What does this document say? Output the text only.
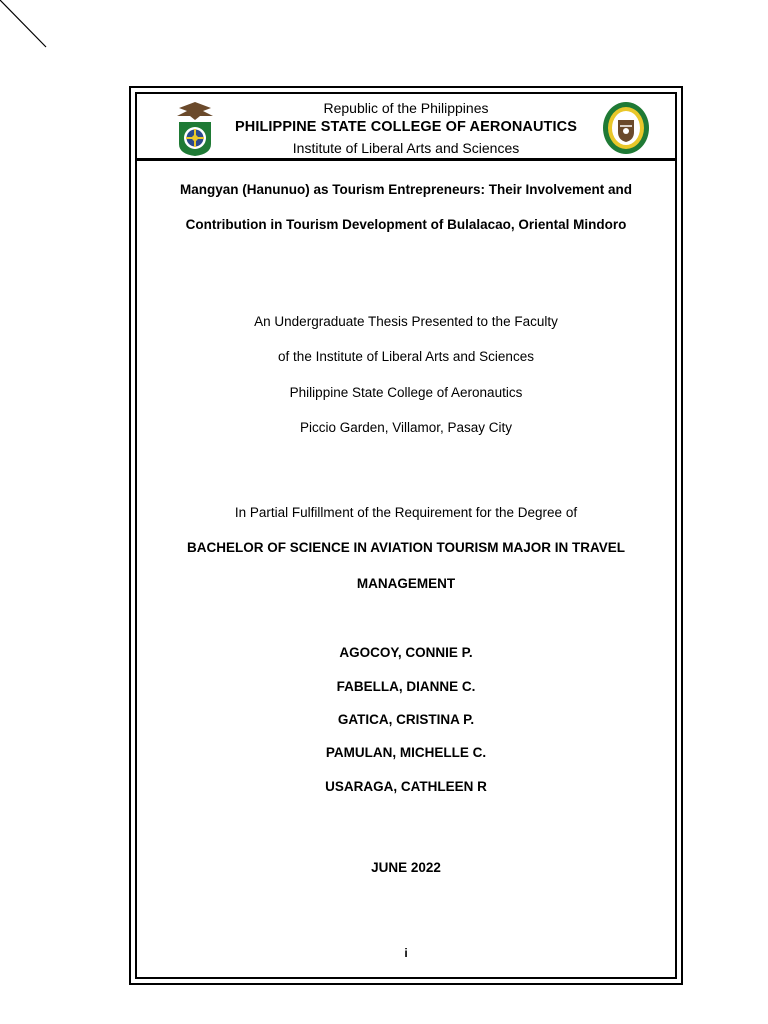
Republic of the Philippines
PHILIPPINE STATE COLLEGE OF AERONAUTICS
Institute of Liberal Arts and Sciences
Mangyan (Hanunuo) as Tourism Entrepreneurs: Their Involvement and
Contribution in Tourism Development of Bulalacao, Oriental Mindoro
An Undergraduate Thesis Presented to the Faculty
of the Institute of Liberal Arts and Sciences
Philippine State College of Aeronautics
Piccio Garden, Villamor, Pasay City
In Partial Fulfillment of the Requirement for the Degree of
BACHELOR OF SCIENCE IN AVIATION TOURISM MAJOR IN TRAVEL
MANAGEMENT
AGOCOY, CONNIE P.
FABELLA, DIANNE C.
GATICA, CRISTINA P.
PAMULAN, MICHELLE C.
USARAGA, CATHLEEN R
JUNE 2022
i
